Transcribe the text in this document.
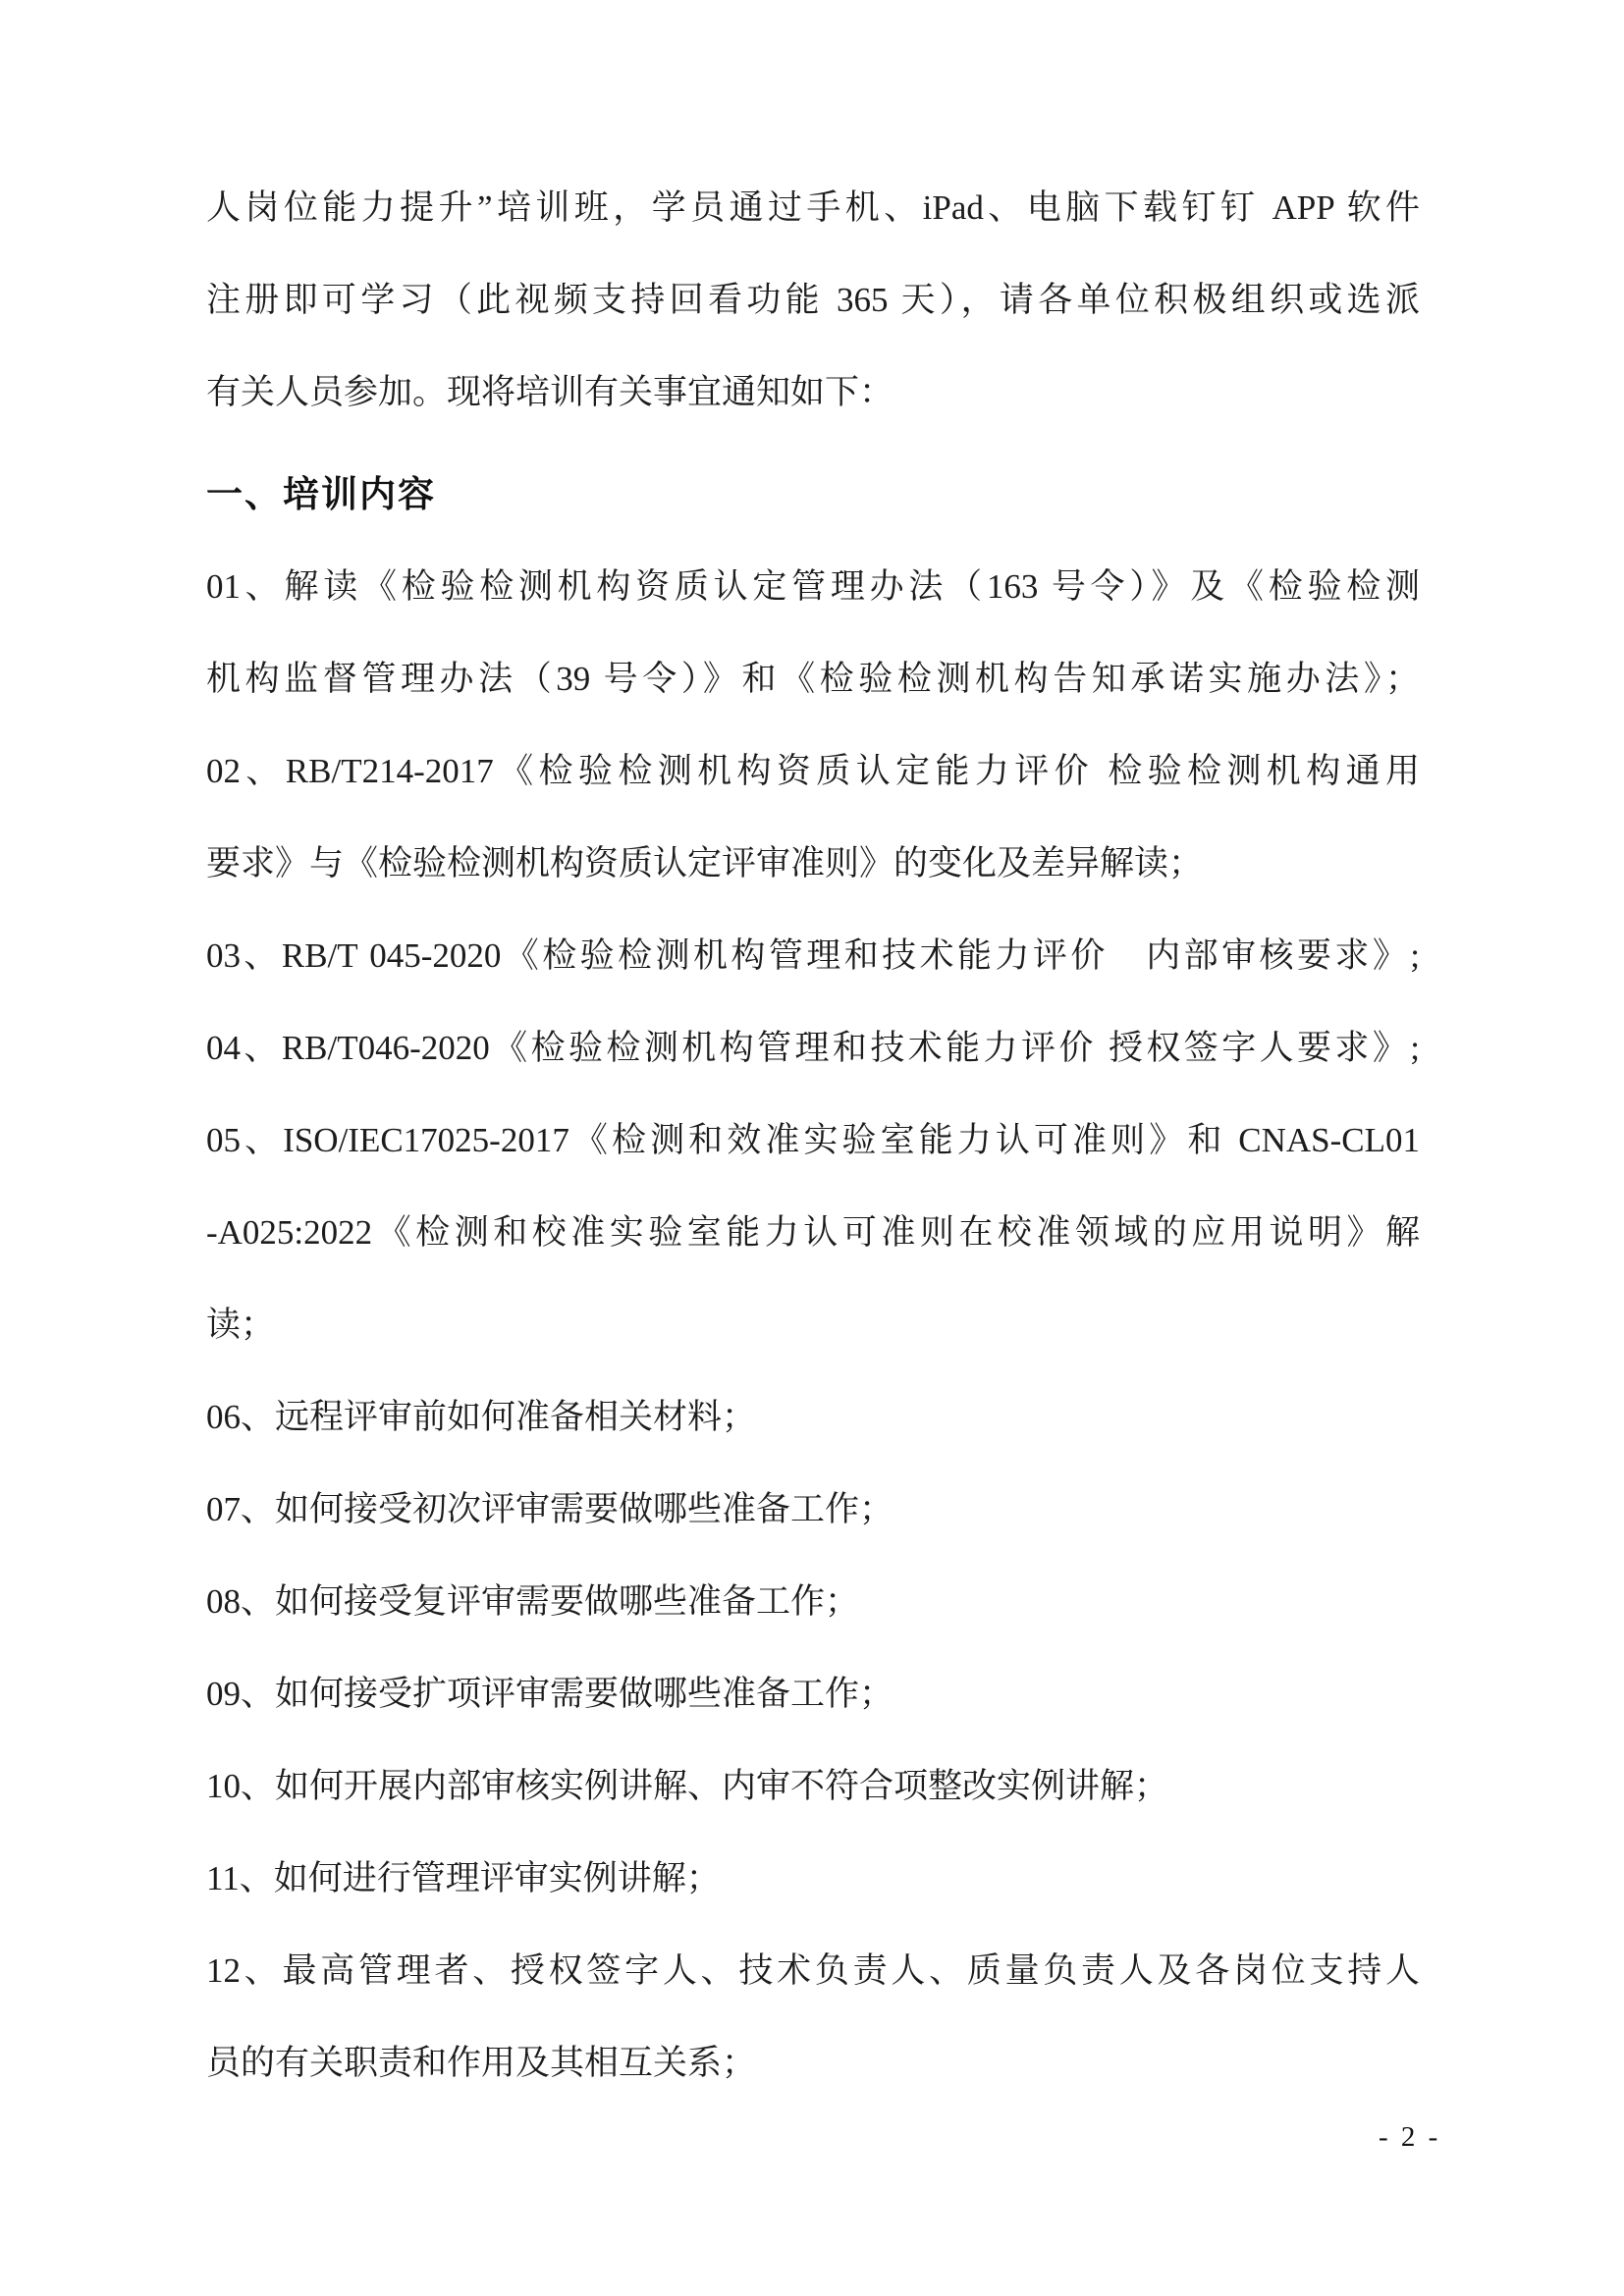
人岗位能力提升”培训班，学员通过手机、iPad、电脑下载钉钉 APP 软件
注册即可学习（此视频支持回看功能 365 天），请各单位积极组织或选派
有关人员参加。现将培训有关事宜通知如下：
一、培训内容
01、解读《检验检测机构资质认定管理办法（163 号令）》及《检验检测
机构监督管理办法（39 号令）》和《检验检测机构告知承诺实施办法》；
02、RB/T214-2017《检验检测机构资质认定能力评价 检验检测机构通用
要求》与《检验检测机构资质认定评审准则》的变化及差异解读；
03、RB/T 045-2020《检验检测机构管理和技术能力评价　内部审核要求》;
04、RB/T046-2020《检验检测机构管理和技术能力评价 授权签字人要求》;
05、ISO/IEC17025-2017《检测和效准实验室能力认可准则》和 CNAS-CL01
-A025:2022《检测和校准实验室能力认可准则在校准领域的应用说明》解
读；
06、远程评审前如何准备相关材料；
07、如何接受初次评审需要做哪些准备工作；
08、如何接受复评审需要做哪些准备工作；
09、如何接受扩项评审需要做哪些准备工作；
10、如何开展内部审核实例讲解、内审不符合项整改实例讲解；
11、如何进行管理评审实例讲解；
12、最高管理者、授权签字人、技术负责人、质量负责人及各岗位支持人
员的有关职责和作用及其相互关系；
- 2 -
